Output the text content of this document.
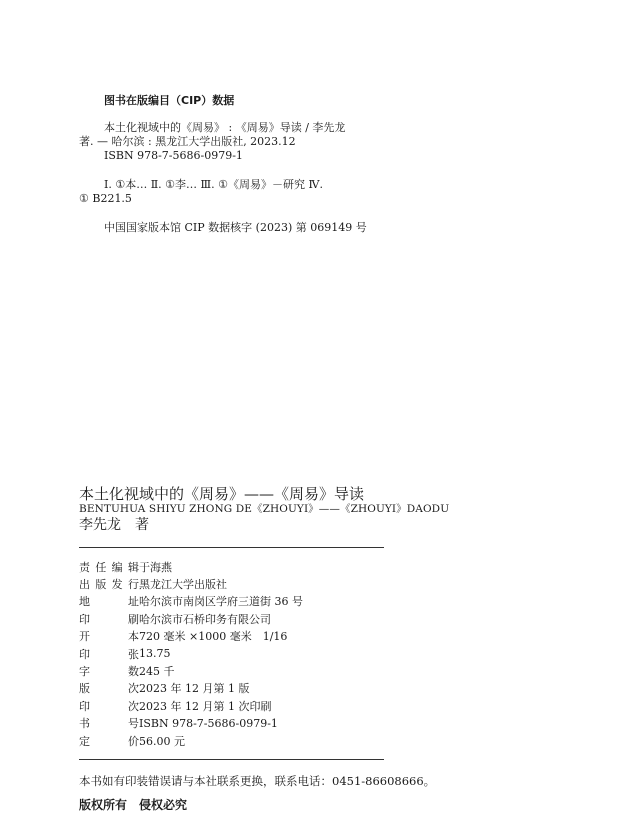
图书在版编目（CIP）数据
本土化视域中的《周易》 : 《周易》导读 / 李先龙
著. — 哈尔滨 : 黑龙江大学出版社, 2023.12
ISBN 978-7-5686-0979-1
Ⅰ. ①本… Ⅱ. ①李… Ⅲ. ①《周易》－研究 Ⅳ.
① B221.5
中国国家版本馆 CIP 数据核字 (2023) 第 069149 号
本土化视域中的《周易》——《周易》导读
BENTUHUA SHIYU ZHONG DE《ZHOUYI》——《ZHOUYI》DAODU
李先龙　著
责任编辑 于海燕
出版发行 黑龙江大学出版社
地址 哈尔滨市南岗区学府三道街 36 号
印刷 哈尔滨市石桥印务有限公司
开本 720 毫米 ×1000 毫米　1/16
印张 13.75
字数 245 千
版次 2023 年 12 月第 1 版
印次 2023 年 12 月第 1 次印刷
书号 ISBN 978-7-5686-0979-1
定价 56.00 元
本书如有印装错误请与本社联系更换，联系电话：0451-86608666。
版权所有　侵权必究
